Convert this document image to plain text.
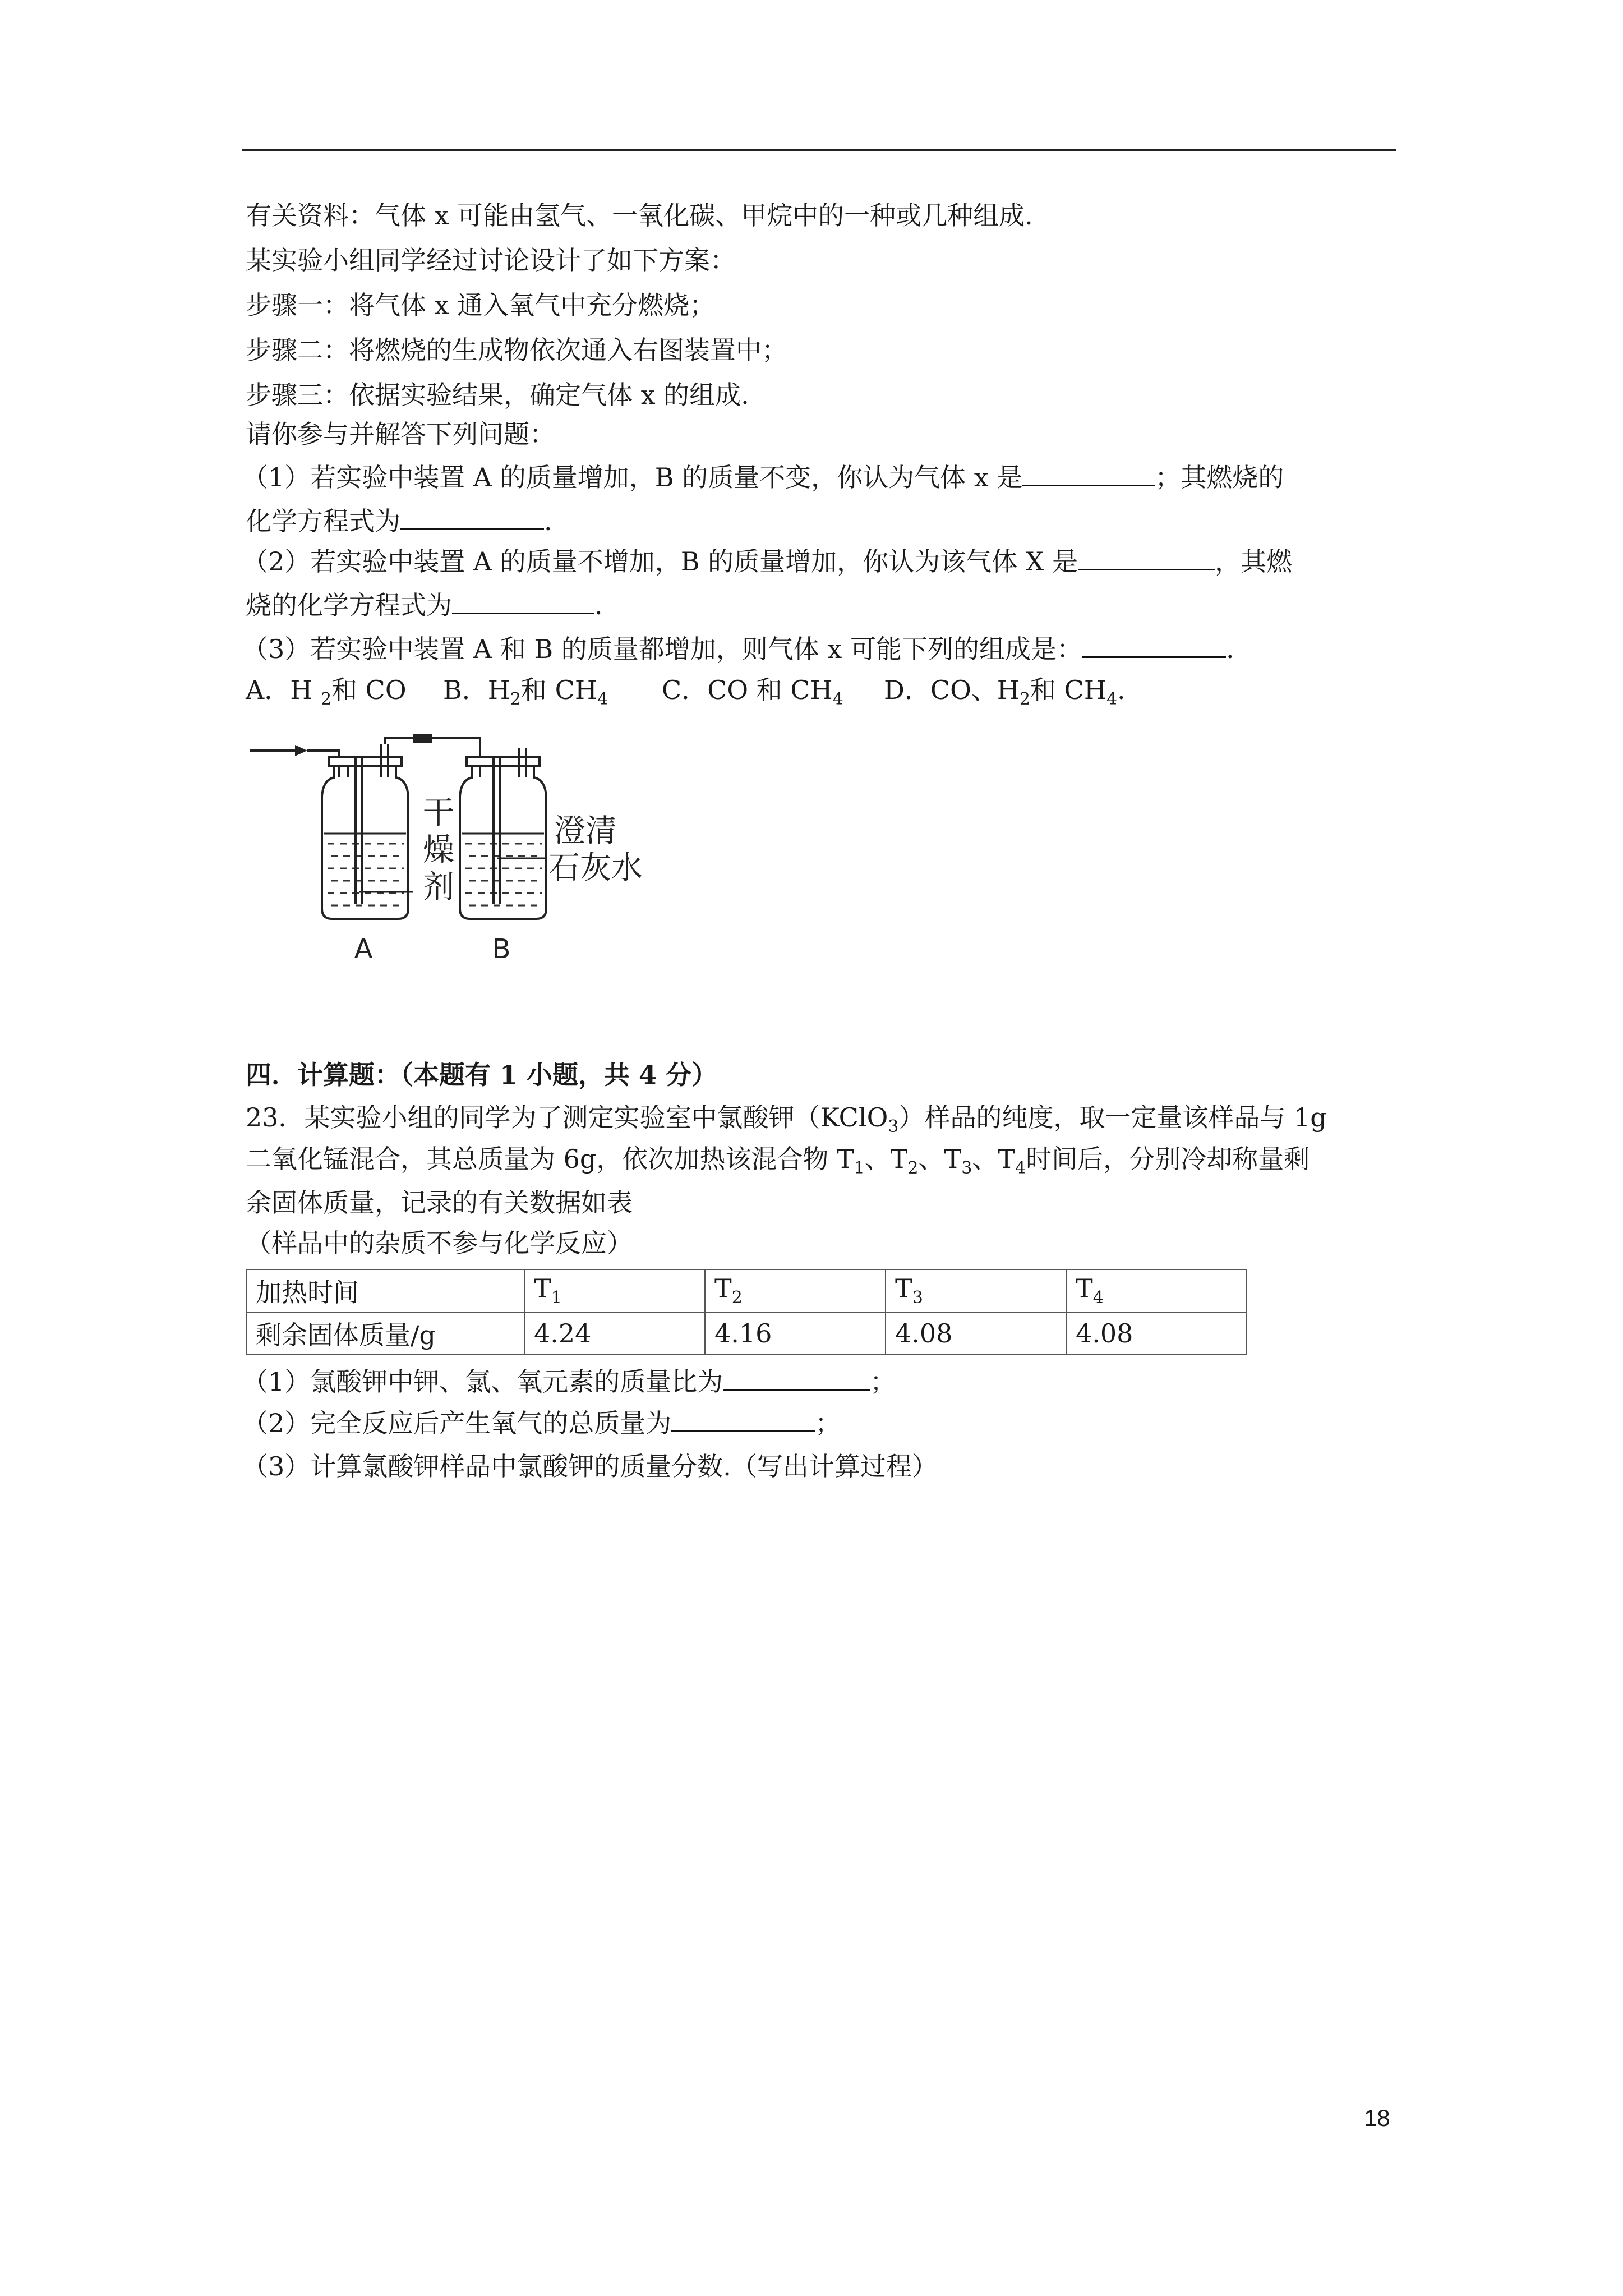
有关资料：气体 x 可能由氢气、一氧化碳、甲烷中的一种或几种组成.
某实验小组同学经过讨论设计了如下方案：
步骤一：将气体 x 通入氧气中充分燃烧；
步骤二：将燃烧的生成物依次通入右图装置中；
步骤三：依据实验结果，确定气体 x 的组成.
请你参与并解答下列问题：
（1）若实验中装置 A 的质量增加，B 的质量不变，你认为气体 x 是	；其燃烧的
化学方程式为	.
（2）若实验中装置 A 的质量不增加，B 的质量增加，你认为该气体 X 是	，其燃
烧的化学方程式为	.
（3）若实验中装置 A 和 B 的质量都增加，则气体 x 可能下列的组成是：	.
A．H $_2$和 CO B．$H_2$和 $CH_4$ C．CO 和 $CH_4$ D．CO、$H_2$和 $CH_4$.
干
燥
剂
澄清
石灰水
A	B
四．计算题：（本题有 1 小题，共 4 分）
23．某实验小组的同学为了测定实验室中氯酸钾（KClO$_3$）样品的纯度，取一定量该样品与 1g
二氧化锰混合，其总质量为 6g，依次加热该混合物 $T_1$、$T_2$、$T_3$、$T_4$时间后，分别冷却称量剩
余固体质量，记录的有关数据如表
（样品中的杂质不参与化学反应）
加热时间	$T_1$	$T_2$	$T_3$	$T_4$
剩余固体质量/g	4.24	4.16	4.08	4.08
（1）氯酸钾中钾、氯、氧元素的质量比为	；
（2）完全反应后产生氧气的总质量为	；
（3）计算氯酸钾样品中氯酸钾的质量分数.（写出计算过程）
18
